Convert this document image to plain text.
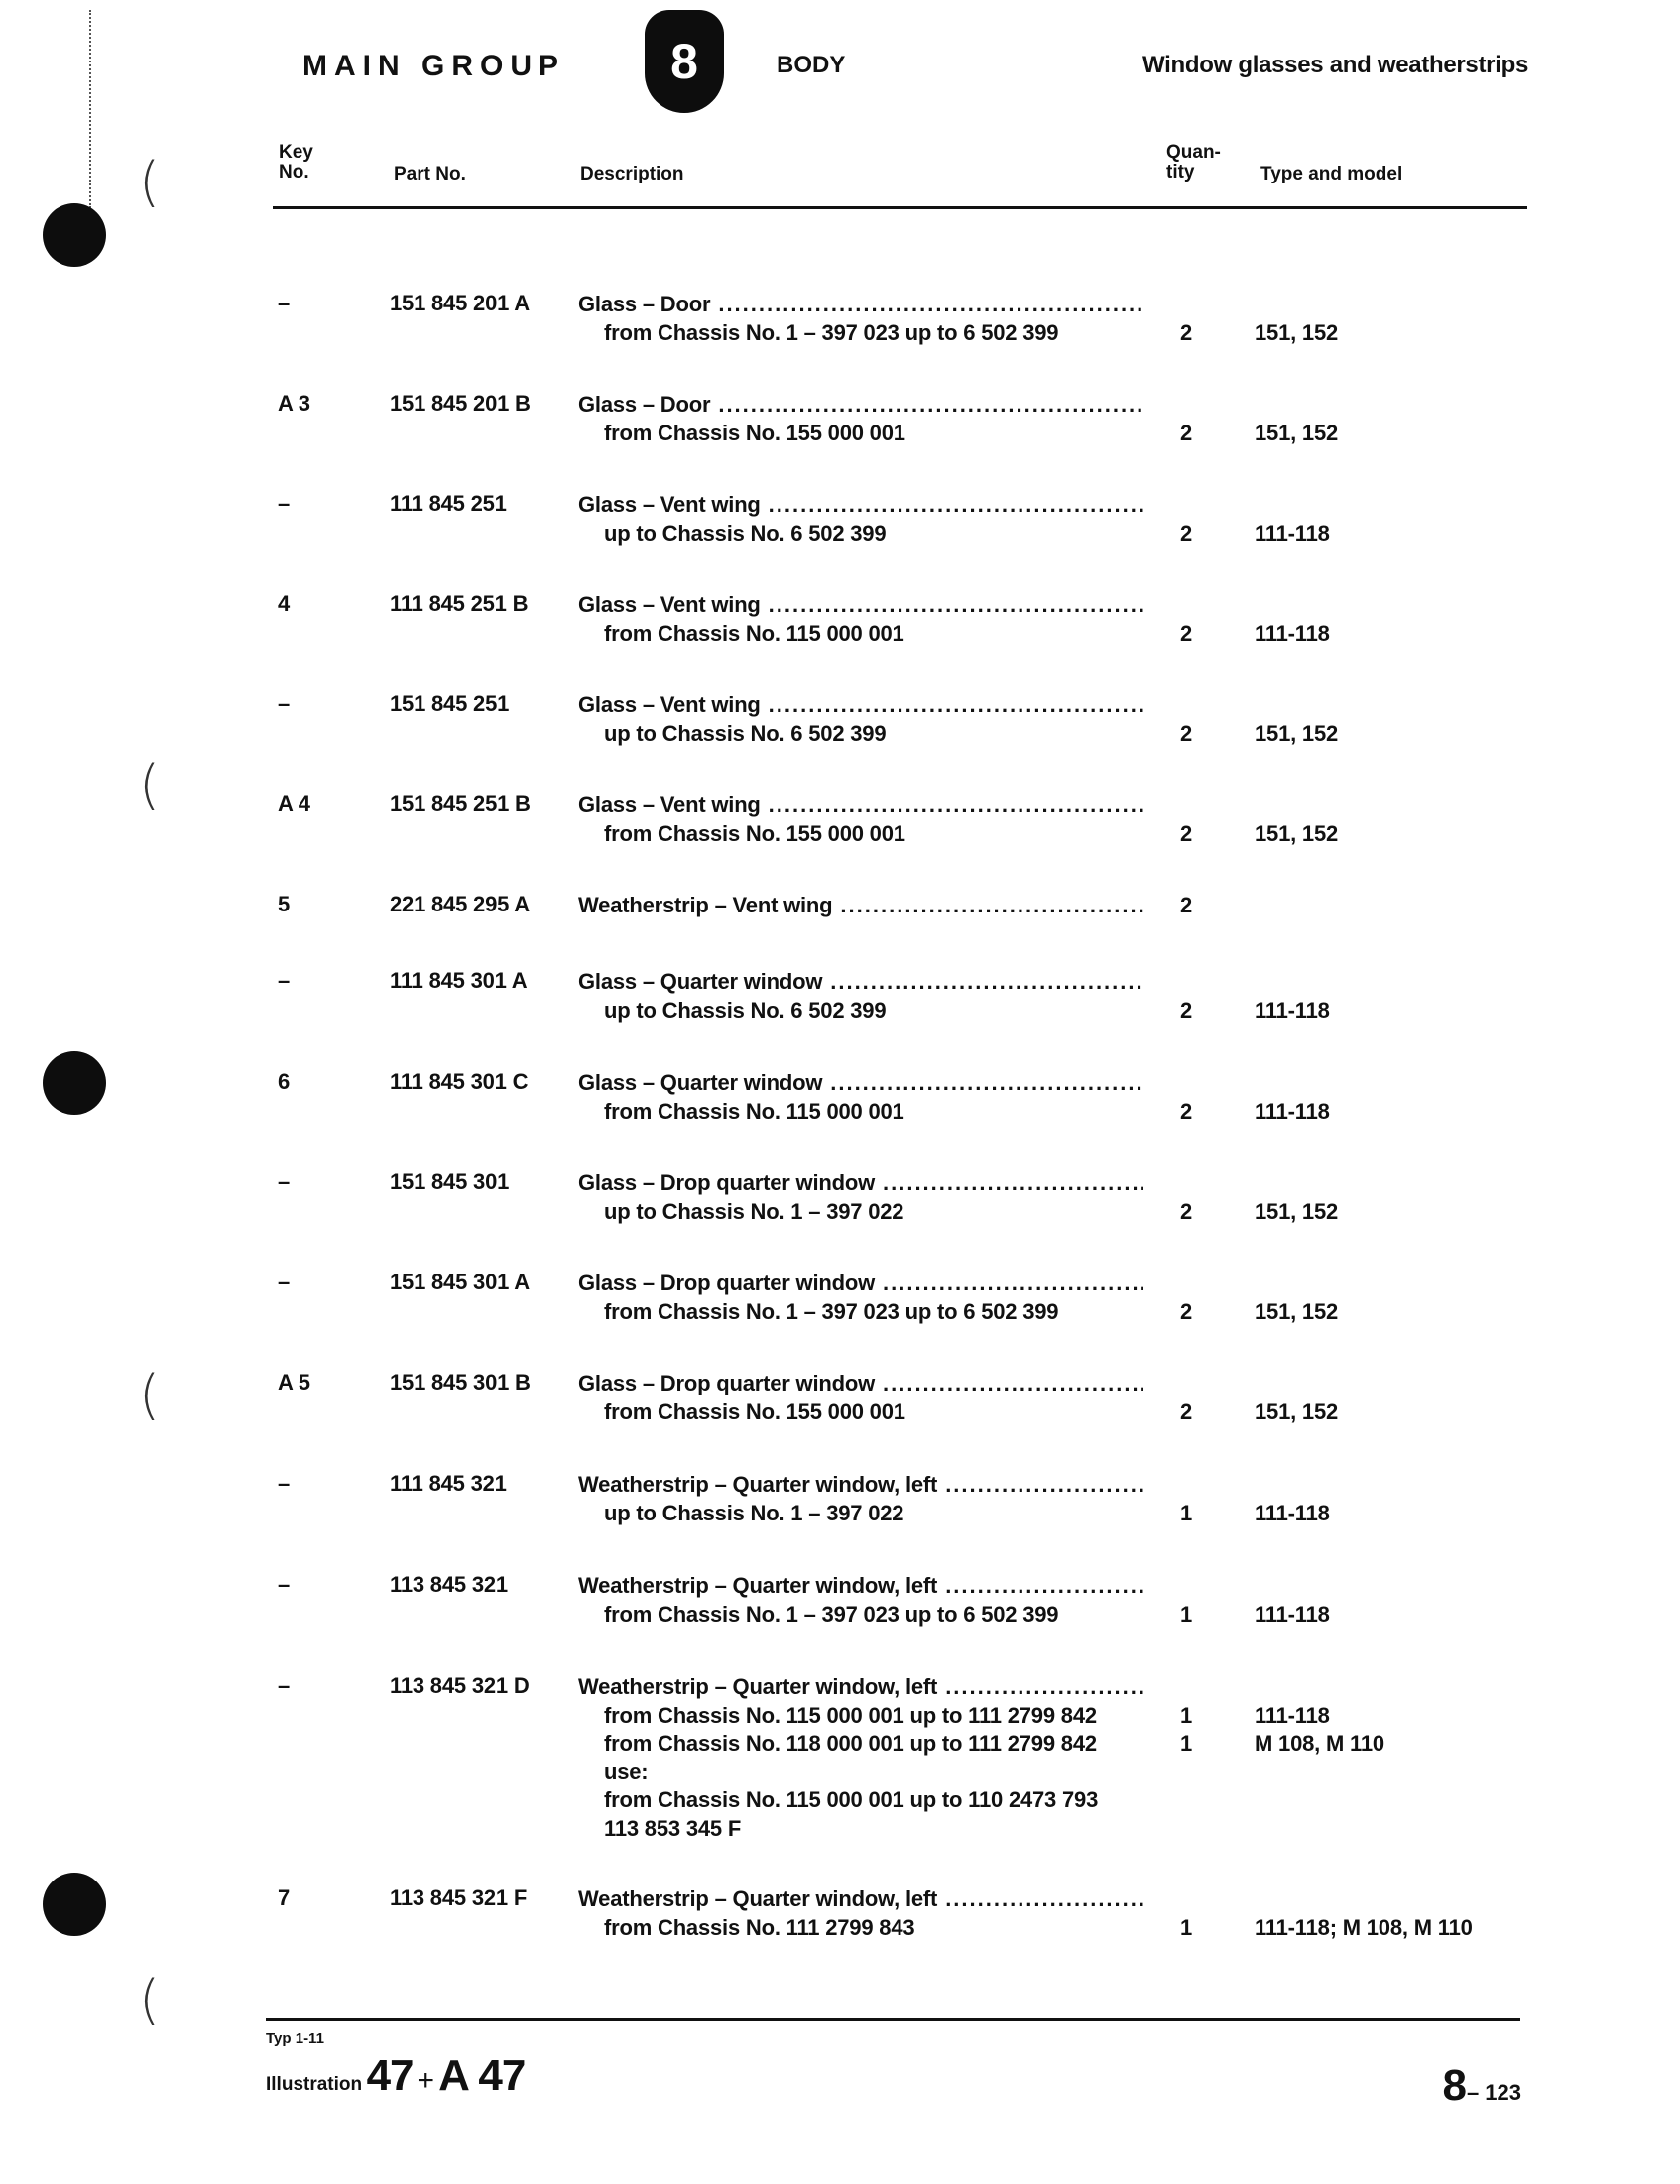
(
(
(
(
MAIN GROUP 8	BODY	Window glasses and weatherstrips
Key
No.	Part No.	Description
Quan-
tity	Type and model
–	151 845 201 A Glass – Door
.....
from Chassis No. 1 – 397 023 up to 6 502 399	2	151, 152
A 3	151 845 201 B Glass – Door
.....
from Chassis No. 155 000 001	2	151, 152
–	111 845 251	Glass – Vent wing
.....
up to Chassis No. 6 502 399	2	111-118
4	111 845 251 B Glass – Vent wing
.....
from Chassis No. 115 000 001	2	111-118
–	151 845 251	Glass – Vent wing
.....
up to Chassis No. 6 502 399	2	151, 152
A 4	151 845 251 B Glass – Vent wing
.....
from Chassis No. 155 000 001	2	151, 152
5	221 845 295 A Weatherstrip – Vent wing
.....	2
–	111 845 301 A Glass – Quarter window
.....
up to Chassis No. 6 502 399	2	111-118
6	111 845 301 C Glass – Quarter window
.....
from Chassis No. 115 000 001	2	111-118
–	151 845 301	Glass – Drop quarter window
.....
up to Chassis No. 1 – 397 022	2	151, 152
–	151 845 301 A Glass – Drop quarter window
.....
from Chassis No. 1 – 397 023 up to 6 502 399	2	151, 152
A 5	151 845 301 B Glass – Drop quarter window
.....
from Chassis No. 155 000 001	2	151, 152
–	111 845 321	Weatherstrip – Quarter window, left
.....
up to Chassis No. 1 – 397 022	1	111-118
–	113 845 321	Weatherstrip – Quarter window, left
.....
from Chassis No. 1 – 397 023 up to 6 502 399	1	111-118
–	113 845 321 D Weatherstrip – Quarter window, left
.....
from Chassis No. 115 000 001 up to 111 2799 842
from Chassis No. 118 000 001 up to 111 2799 842
use:
from Chassis No. 115 000 001 up to 110 2473 793
113 853 345 F
1
1
111-118
M 108, M 110
7	113 845 321 F Weatherstrip – Quarter window, left
.....
from Chassis No. 111 2799 843	1	111-118; M 108, M 110
Typ 1-11
Illustration 47 +A 47	8– 123
